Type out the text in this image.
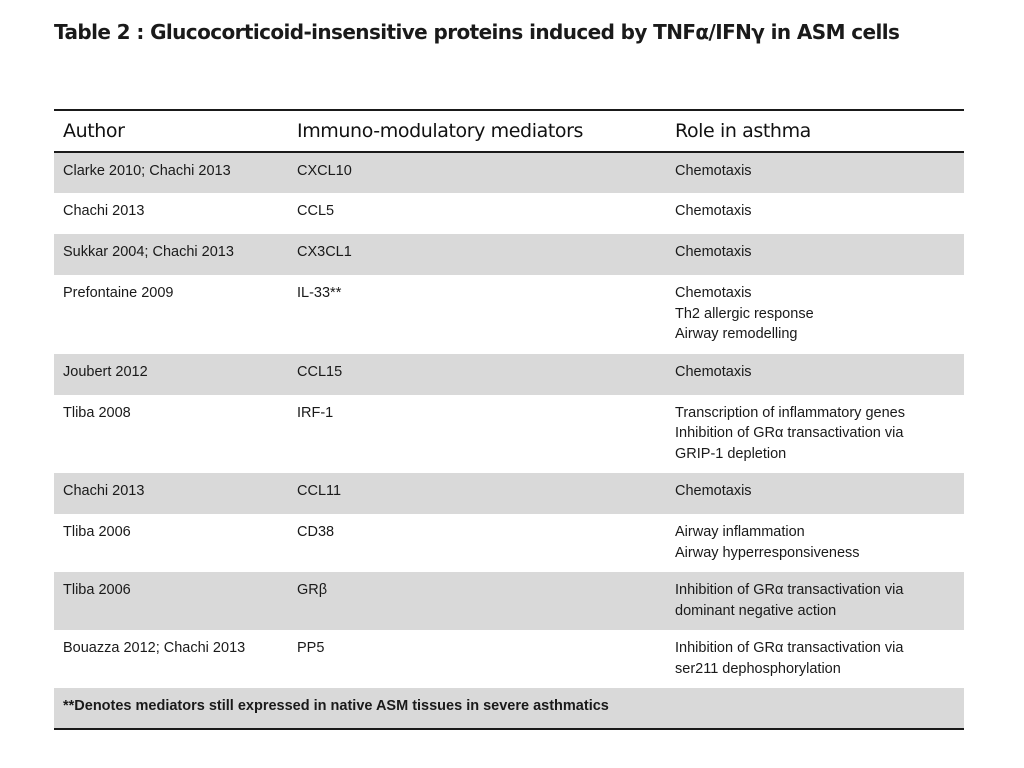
Table 2 : Glucocorticoid-insensitive proteins induced by TNFα/IFNγ in ASM cells
Author	Immuno-modulatory mediators	Role in asthma
Clarke 2010; Chachi 2013	CXCL10	Chemotaxis

Chachi 2013	CCL5	Chemotaxis

Sukkar 2004; Chachi 2013	CX3CL1	Chemotaxis

Prefontaine 2009	IL-33**	Chemotaxis
Th2 allergic response
Airway remodelling

Joubert 2012	CCL15	Chemotaxis

Tliba 2008	IRF-1	Transcription of inflammatory genes
Inhibition of GRα transactivation via
GRIP-1 depletion

Chachi 2013	CCL11	Chemotaxis

Tliba 2006	CD38	Airway inflammation
Airway hyperresponsiveness

Tliba 2006	GRβ	Inhibition of GRα transactivation via
dominant negative action

Bouazza 2012; Chachi 2013	PP5	Inhibition of GRα transactivation via
ser211 dephosphorylation

**Denotes mediators still expressed in native ASM tissues in severe asthmatics		
